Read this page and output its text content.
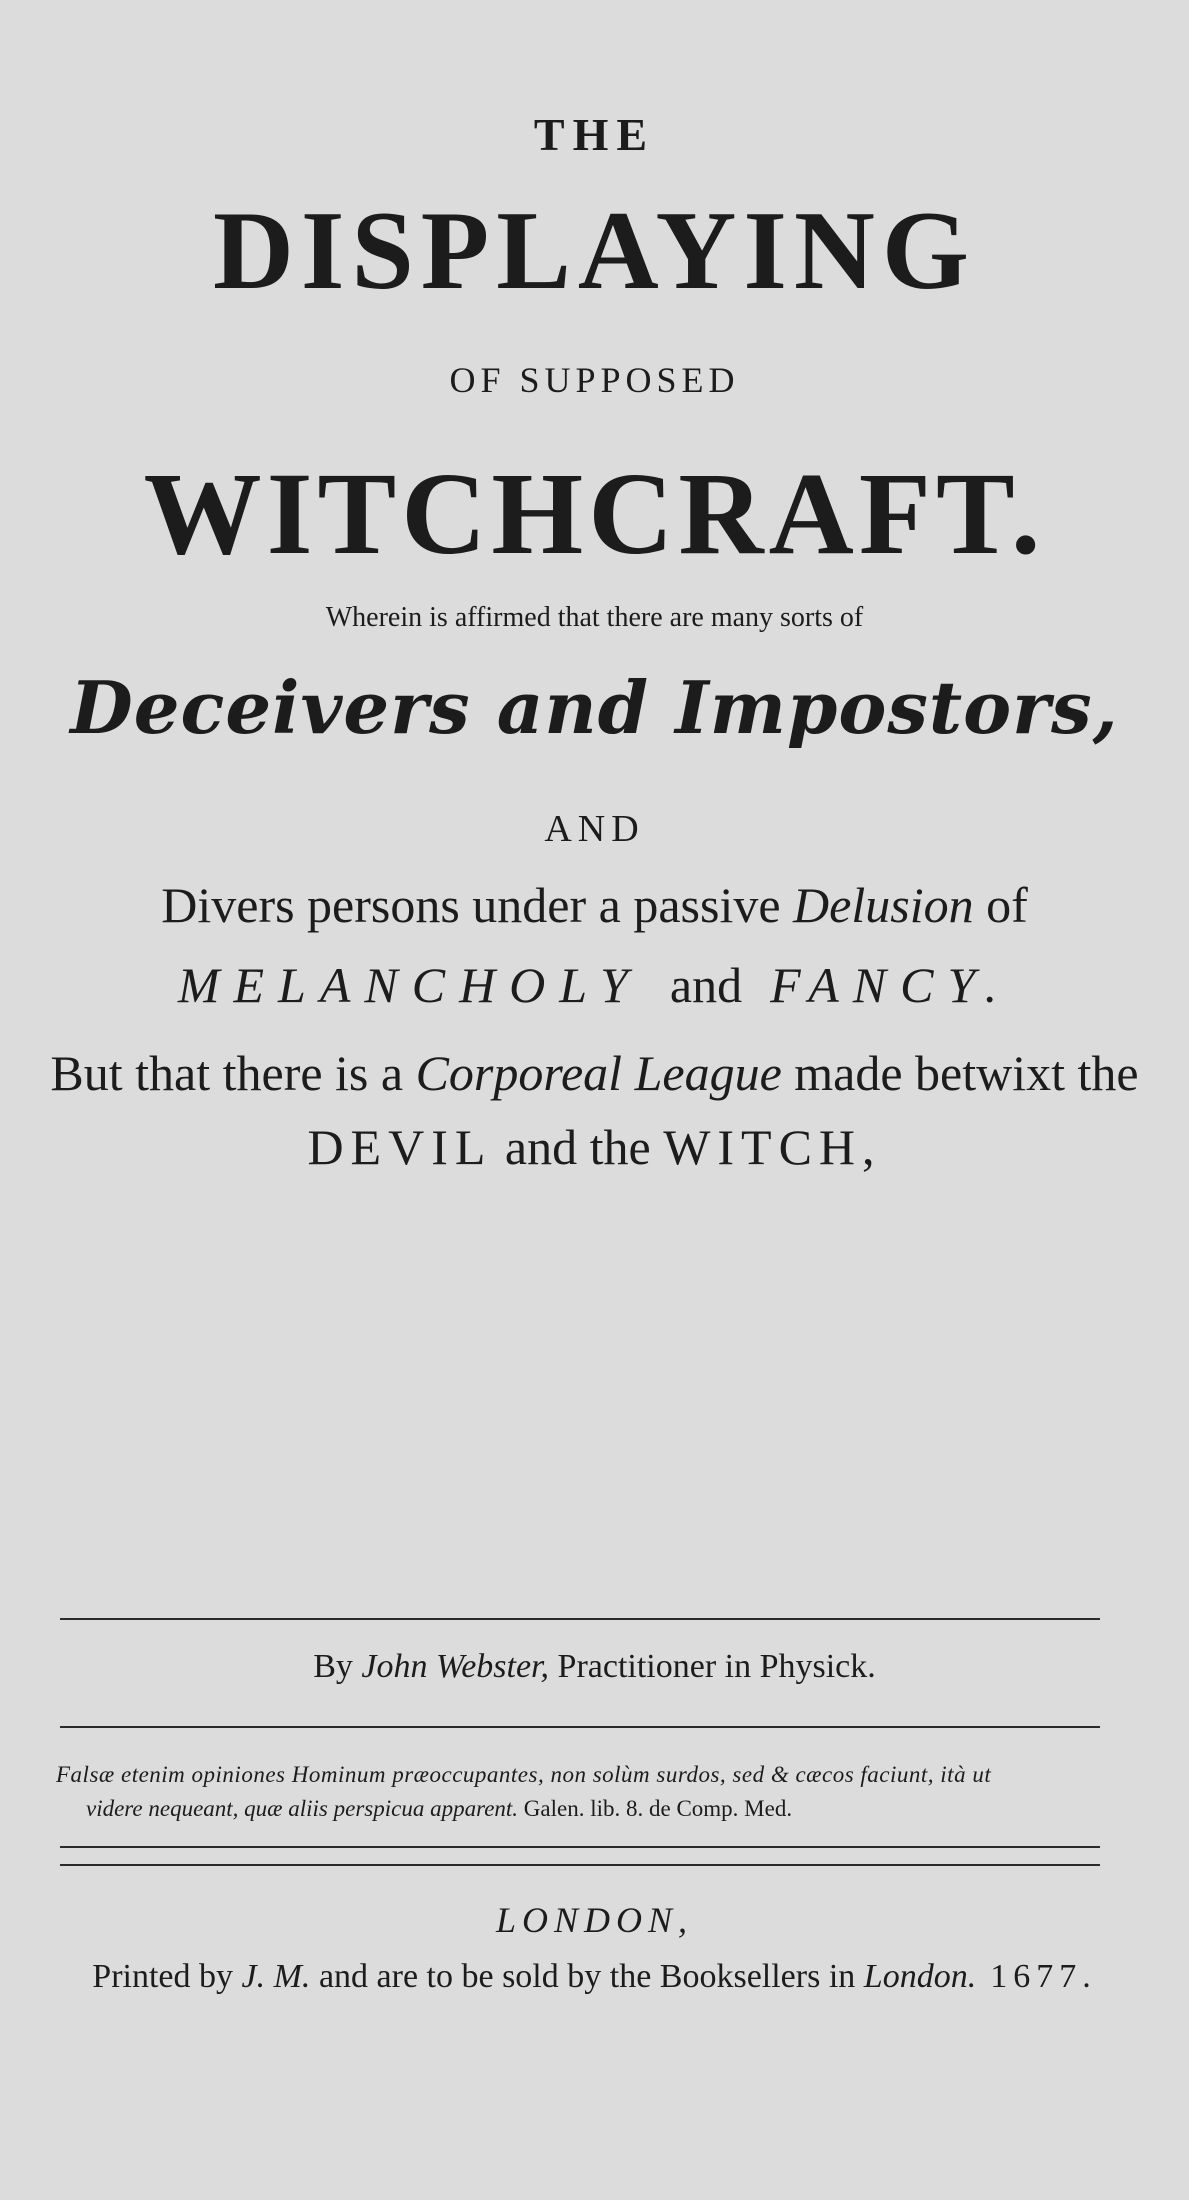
THE
DISPLAYING
OF SUPPOSED
WITCHCRAFT.
Wherein is affirmed that there are many sorts of
Deceivers and Impostors,
AND
Divers persons under a passive Delusion of
MELANCHOLY and FANCY.
But that there is a Corporeal League made betwixt the
DEVIL and the WITCH,
By John Webster, Practitioner in Physick.
Falsæ etenim opiniones Hominum præoccupantes, non solùm surdos, sed & cæcos faciunt, ità ut
videre nequeant, quæ aliis perspicua apparent. Galen. lib. 8. de Comp. Med.
LONDON,
Printed by J. M. and are to be sold by the Booksellers in London. 1677.
